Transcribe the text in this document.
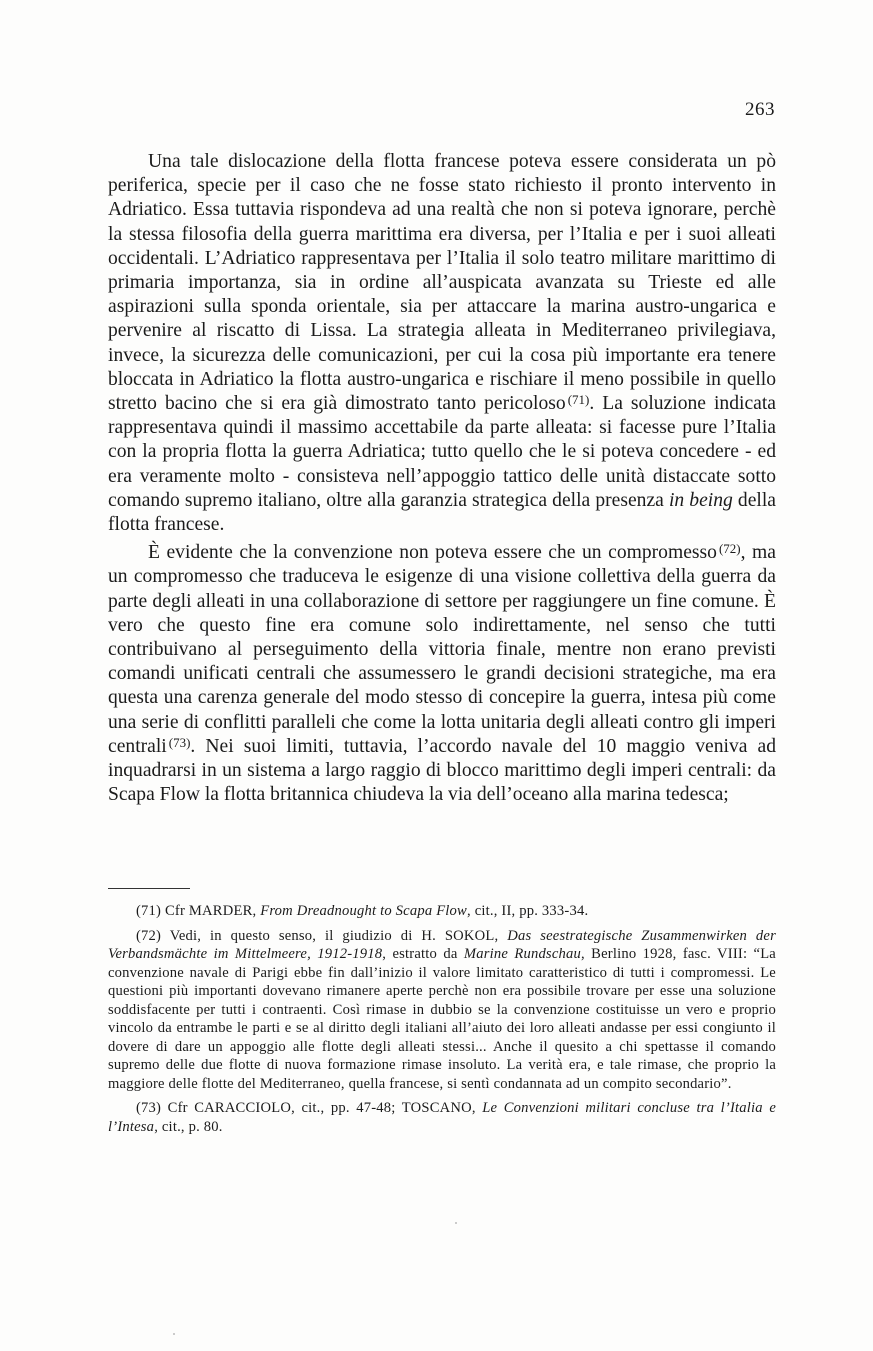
263

Una tale dislocazione della flotta francese poteva essere considerata un pò periferica, specie per il caso che ne fosse stato richiesto il pronto intervento in Adriatico. Essa tuttavia rispondeva ad una realtà che non si poteva ignorare, perchè la stessa filosofia della guerra marittima era diversa, per l’Italia e per i suoi alleati occidentali. L’Adriatico rappresentava per l’Italia il solo teatro militare marittimo di primaria importanza, sia in ordine all’auspicata avanzata su Trieste ed alle aspirazioni sulla sponda orientale, sia per attaccare la marina austro-ungarica e pervenire al riscatto di Lissa. La strategia alleata in Mediterraneo privilegiava, invece, la sicurezza delle comunicazioni, per cui la cosa più importante era tenere bloccata in Adriatico la flotta austro-ungarica e rischiare il meno possibile in quello stretto bacino che si era già dimostrato tanto pericoloso $^{(71)}$. La soluzione indicata rappresentava quindi il massimo accettabile da parte alleata: si facesse pure l’Italia con la propria flotta la guerra Adriatica; tutto quello che le si poteva concedere - ed era veramente molto - consisteva nell’appoggio tattico delle unità distaccate sotto comando supremo italiano, oltre alla garanzia strategica della presenza in being della flotta francese.

È evidente che la convenzione non poteva essere che un compromesso $^{(72)}$, ma un compromesso che traduceva le esigenze di una visione collettiva della guerra da parte degli alleati in una collaborazione di settore per raggiungere un fine comune. È vero che questo fine era comune solo indirettamente, nel senso che tutti contribuivano al perseguimento della vittoria finale, mentre non erano previsti comandi unificati centrali che assumessero le grandi decisioni strategiche, ma era questa una carenza generale del modo stesso di concepire la guerra, intesa più come una serie di conflitti paralleli che come la lotta unitaria degli alleati contro gli imperi centrali $^{(73)}$. Nei suoi limiti, tuttavia, l’accordo navale del 10 maggio veniva ad inquadrarsi in un sistema a largo raggio di blocco marittimo degli imperi centrali: da Scapa Flow la flotta britannica chiudeva la via dell’oceano alla marina tedesca;

(71) Cfr MARDER, From Dreadnought to Scapa Flow, cit., II, pp. 333-34.

(72) Vedi, in questo senso, il giudizio di H. SOKOL, Das seestrategische Zusammenwirken der Verbandsmächte im Mittelmeere, 1912-1918, estratto da Marine Rundschau, Berlino 1928, fasc. VIII: “La convenzione navale di Parigi ebbe fin dall’inizio il valore limitato caratteristico di tutti i compromessi. Le questioni più importanti dovevano rimanere aperte perchè non era possibile trovare per esse una soluzione soddisfacente per tutti i contraenti. Così rimase in dubbio se la convenzione costituisse un vero e proprio vincolo da entrambe le parti e se al diritto degli italiani all’aiuto dei loro alleati andasse per essi congiunto il dovere di dare un appoggio alle flotte degli alleati stessi... Anche il quesito a chi spettasse il comando supremo delle due flotte di nuova formazione rimase insoluto. La verità era, e tale rimase, che proprio la maggiore delle flotte del Mediterraneo, quella francese, si sentì condannata ad un compito secondario”.

(73) Cfr CARACCIOLO, cit., pp. 47-48; TOSCANO, Le Convenzioni militari concluse tra l’Italia e l’Intesa, cit., p. 80.
